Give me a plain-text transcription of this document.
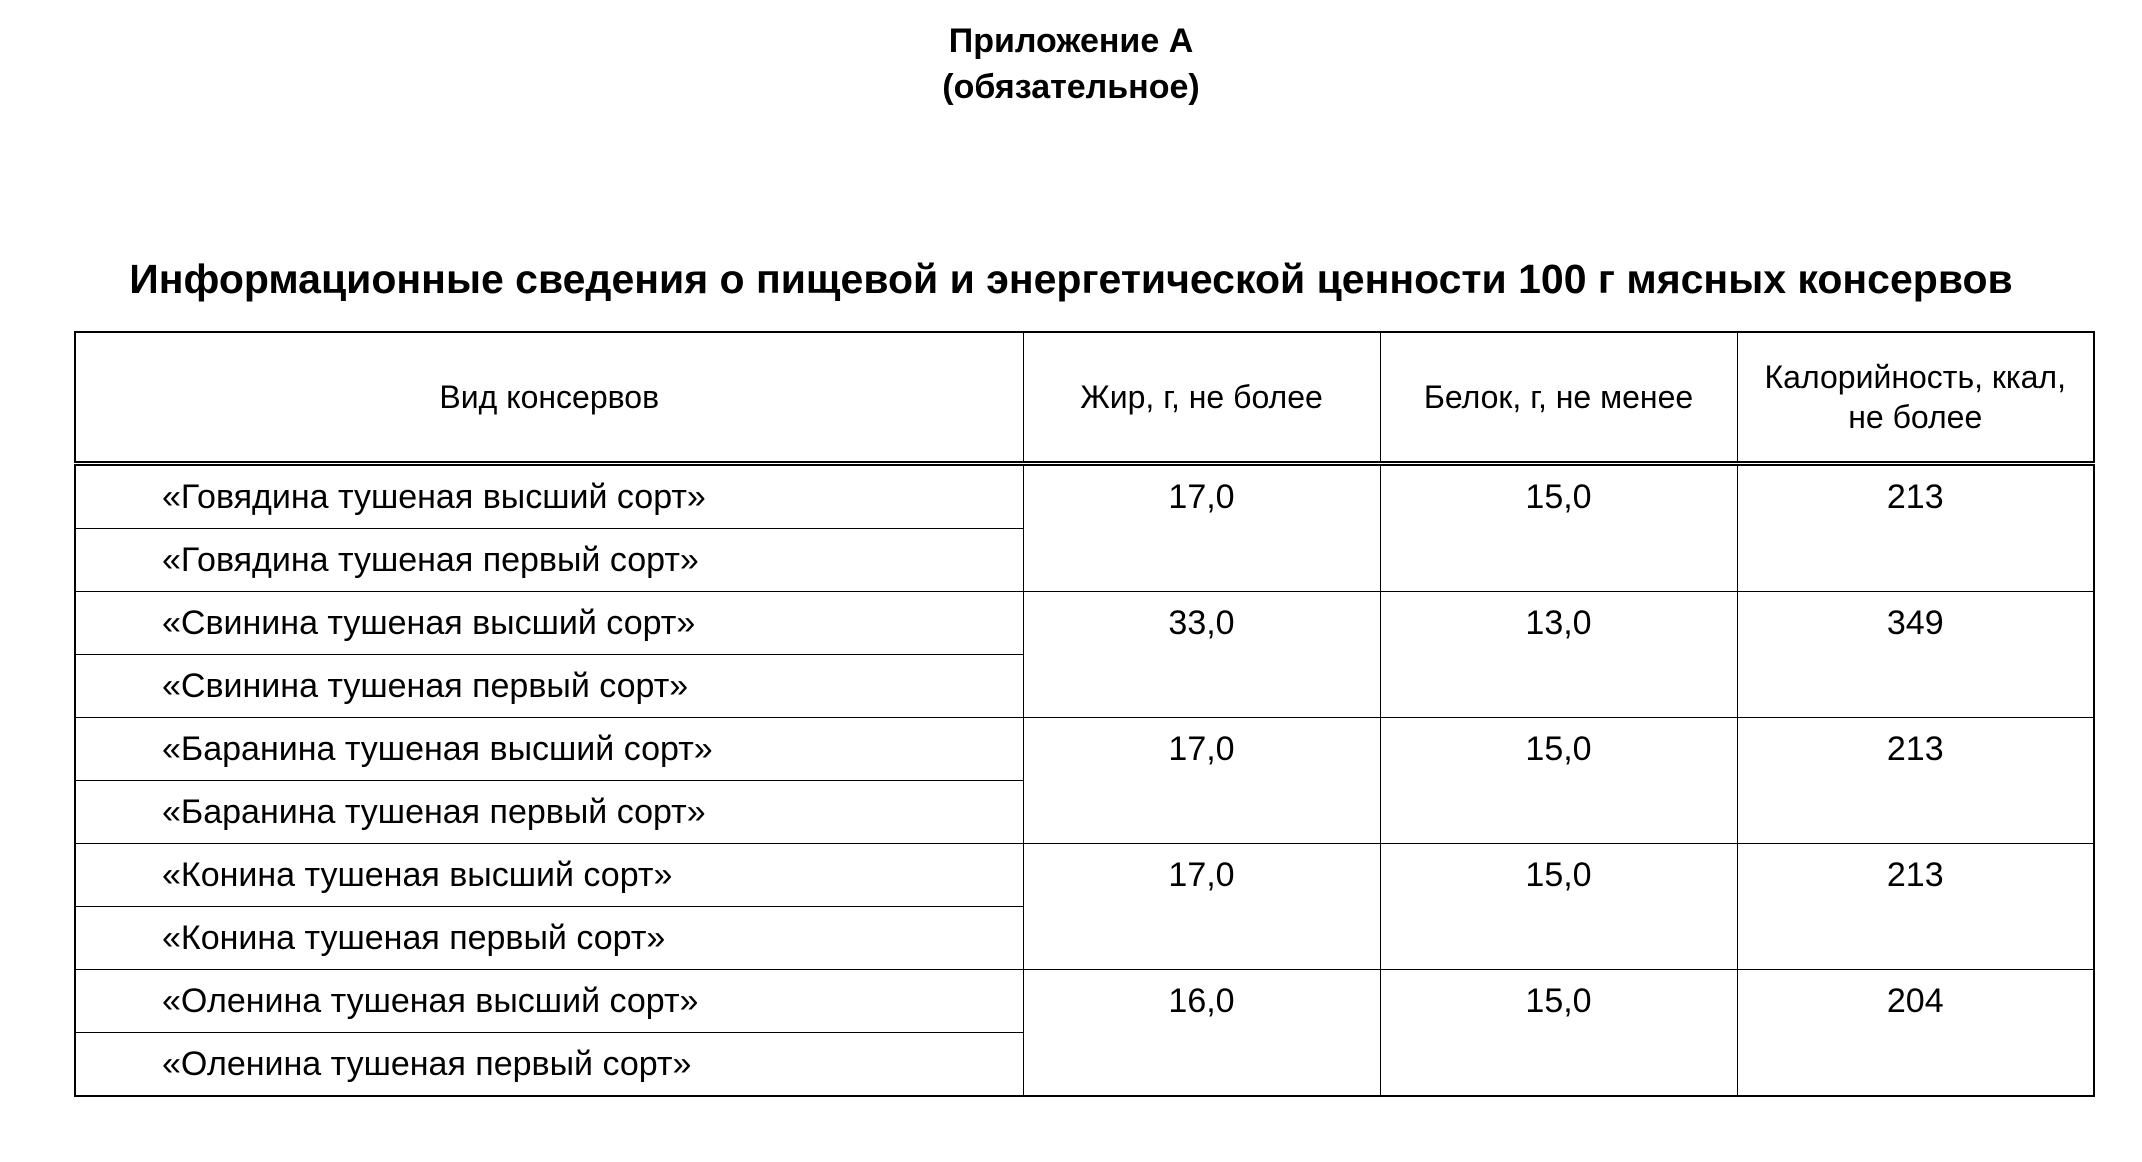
Приложение А
(обязательное)
Информационные сведения о пищевой и энергетической ценности 100 г мясных консервов
Вид консервов	Жир, г, не более	Белок, г, не менее	Калорийность, ккал, не более
«Говядина тушеная высший сорт»	17,0	15,0	213
«Говядина тушеная первый сорт»			
«Свинина тушеная высший сорт»	33,0	13,0	349
«Свинина тушеная первый сорт»			
«Баранина тушеная высший сорт»	17,0	15,0	213
«Баранина тушеная первый сорт»			
«Конина тушеная высший сорт»	17,0	15,0	213
«Конина тушеная первый сорт»			
«Оленина тушеная высший сорт»	16,0	15,0	204
«Оленина тушеная первый сорт»			
